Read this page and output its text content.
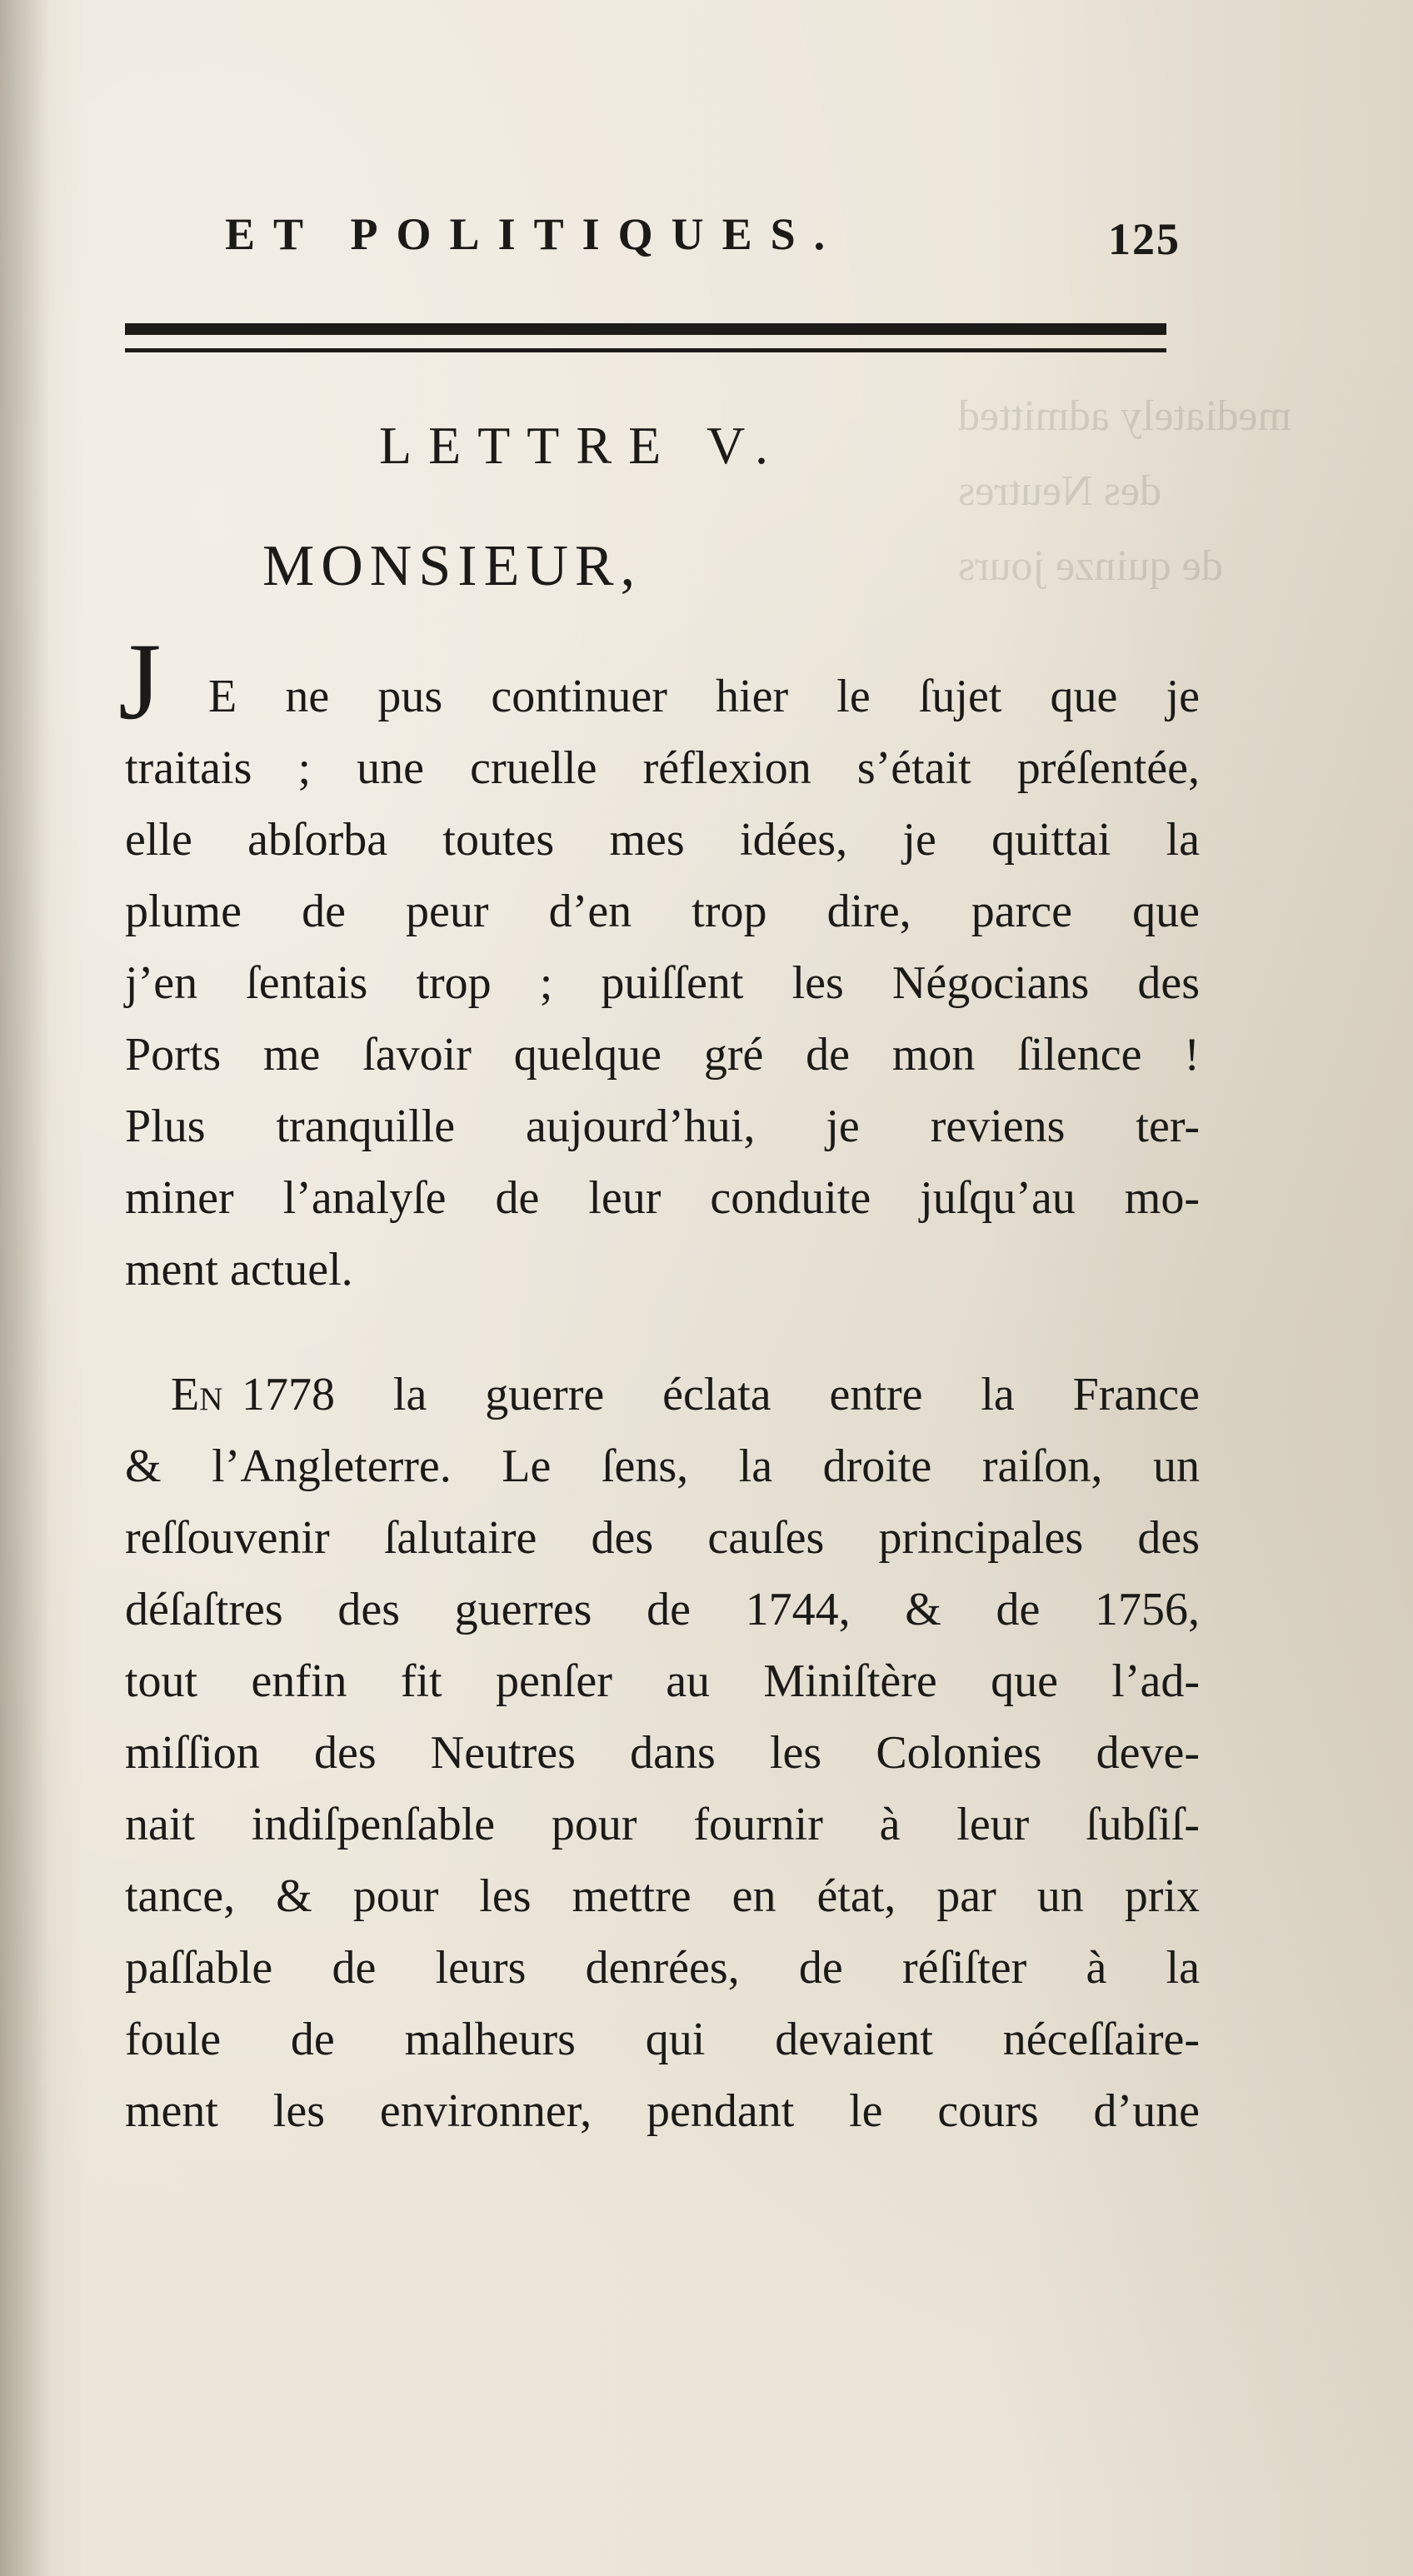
mediately admitted
des Neutres
de quinze jours
ET POLITIQUES.	125
LETTRE V.
MONSIEUR,
J E ne pus continuer hier le ſujet que je
traitais ; une cruelle réflexion s’était préſentée,
elle abſorba toutes mes idées, je quittai la
plume de peur d’en trop dire, parce que
j’en ſentais trop ; puiſſent les Négocians des
Ports me ſavoir quelque gré de mon ſilence !
Plus tranquille aujourd’hui, je reviens ter-
miner l’analyſe de leur conduite juſqu’au mo-
ment actuel.
En 1778 la guerre éclata entre la France
& l’Angleterre. Le ſens, la droite raiſon, un
reſſouvenir ſalutaire des cauſes principales des
déſaſtres des guerres de 1744, & de 1756,
tout enfin fit penſer au Miniſtère que l’ad-
miſſion des Neutres dans les Colonies deve-
nait indiſpenſable pour fournir à leur ſubſiſ-
tance, & pour les mettre en état, par un prix
paſſable de leurs denrées, de réſiſter à la
foule de malheurs qui devaient néceſſaire-
ment les environner, pendant le cours d’une
